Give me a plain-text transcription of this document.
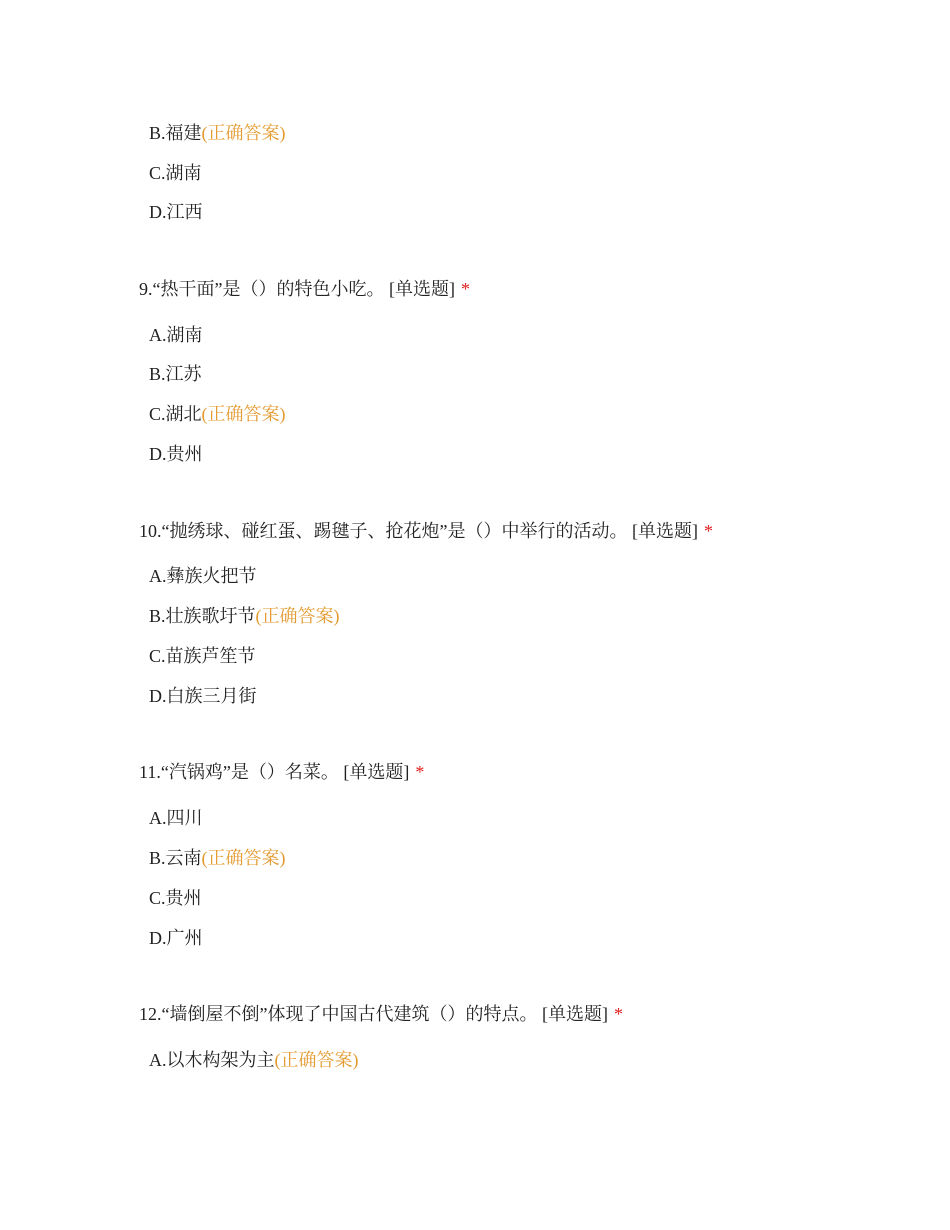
B.福建(正确答案)
C.湖南
D.江西
9.“热干面”是（）的特色小吃。 [单选题] *
A.湖南
B.江苏
C.湖北(正确答案)
D.贵州
10.“抛绣球、碰红蛋、踢毽子、抢花炮”是（）中举行的活动。 [单选题] *
A.彝族火把节
B.壮族歌圩节(正确答案)
C.苗族芦笙节
D.白族三月街
11.“汽锅鸡”是（）名菜。 [单选题] *
A.四川
B.云南(正确答案)
C.贵州
D.广州
12.“墙倒屋不倒”体现了中国古代建筑（）的特点。 [单选题] *
A.以木构架为主(正确答案)
